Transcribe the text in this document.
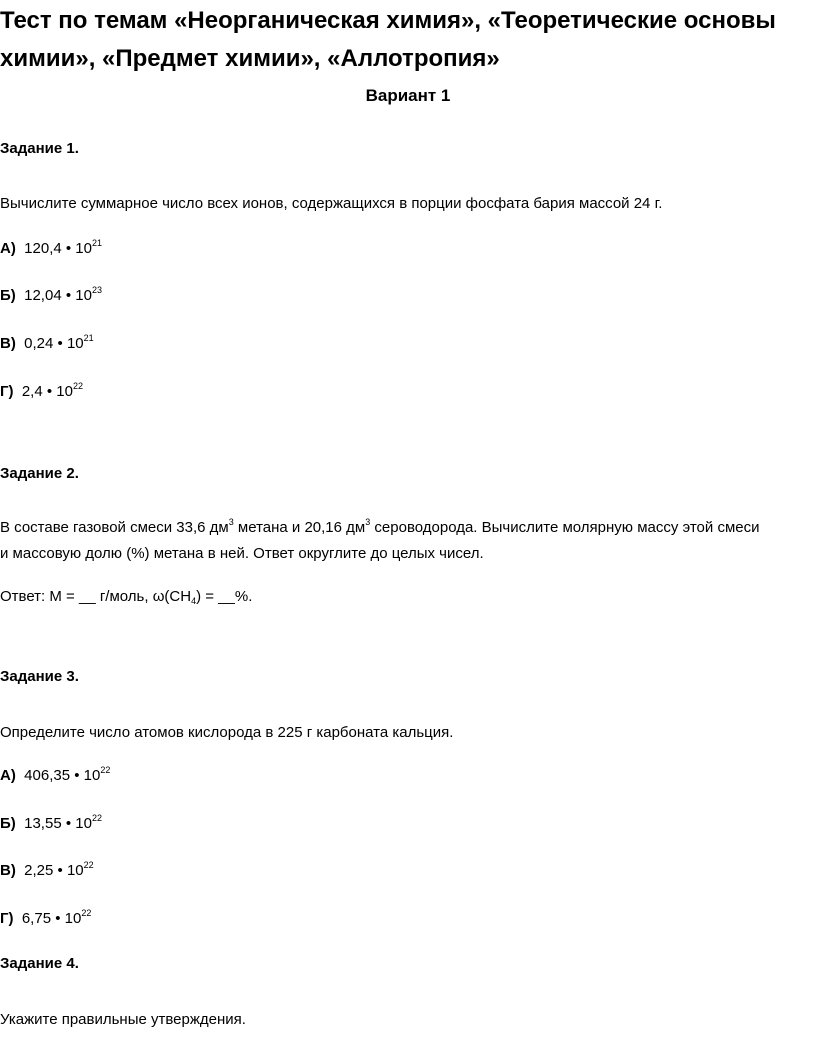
Тест по темам «Неорганическая химия», «Теоретические основы химии», «Предмет химии», «Аллотропия»
Вариант 1

Задание 1.

Вычислите суммарное число всех ионов, содержащихся в порции фосфата бария массой 24 г.

А) 120,4 • $10^{21}$

Б) 12,04 • $10^{23}$

В) 0,24 • $10^{21}$

Г) 2,4 • $10^{22}$

Задание 2.

В составе газовой смеси 33,6 $дм^3$ метана и 20,16 $дм^3$ сероводорода. Вычислите молярную массу этой смеси

и массовую долю (%) метана в ней. Ответ округлите до целых чисел.

Ответ: М = __ г/моль, $\omega(CH_4)$ = __%.

Задание 3.

Определите число атомов кислорода в 225 г карбоната кальция.

А) 406,35 • $10^{22}$

Б) 13,55 • $10^{22}$

В) 2,25 • $10^{22}$

Г) 6,75 • $10^{22}$

Задание 4.

Укажите правильные утверждения.
